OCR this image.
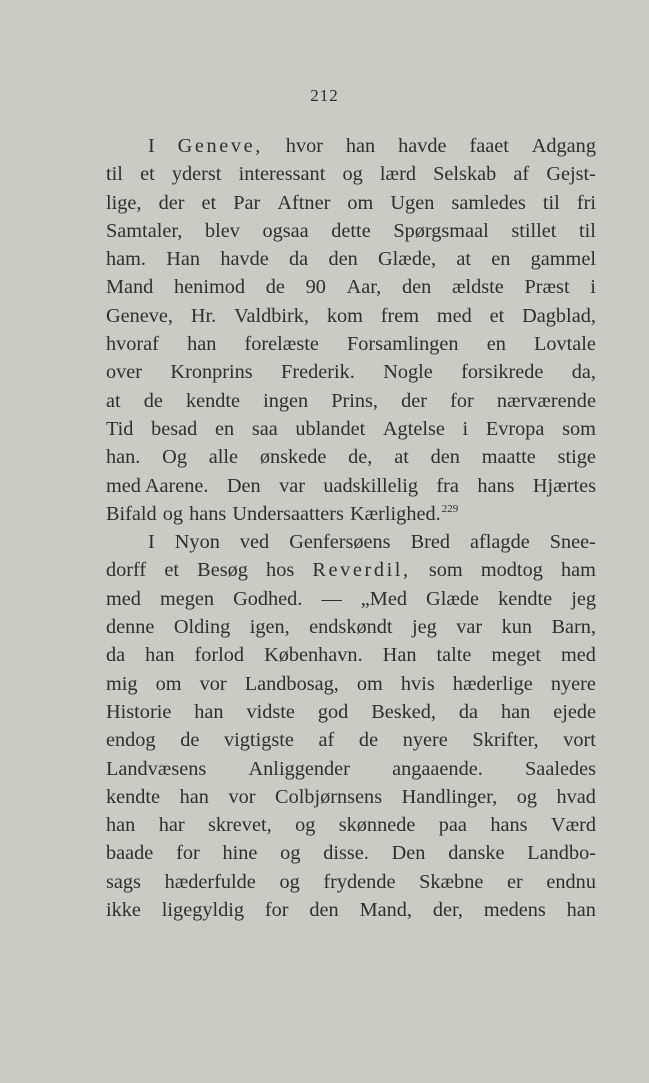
212
I Geneve, hvor han havde faaet Adgang
til et yderst interessant og lærd Selskab af Gejst-
lige, der et Par Aftner om Ugen samledes til fri
Samtaler, blev ogsaa dette Spørgsmaal stillet til
ham. Han havde da den Glæde, at en gammel
Mand henimod de 90 Aar, den ældste Præst i
Geneve, Hr. Valdbirk, kom frem med et Dagblad,
hvoraf han forelæste Forsamlingen en Lovtale
over Kronprins Frederik. Nogle forsikrede da,
at de kendte ingen Prins, der for nærværende
Tid besad en saa ublandet Agtelse i Evropa som
han. Og alle ønskede de, at den maatte stige
med Aarene. Den var uadskillelig fra hans Hjærtes
Bifald og hans Undersaatters Kærlighed.$^{229}$
I Nyon ved Genfersøens Bred aflagde Snee-
dorff et Besøg hos Reverdil, som modtog ham
med megen Godhed. — „Med Glæde kendte jeg
denne Olding igen, endskøndt jeg var kun Barn,
da han forlod København. Han talte meget med
mig om vor Landbosag, om hvis hæderlige nyere
Historie han vidste god Besked, da han ejede
endog de vigtigste af de nyere Skrifter, vort
Landvæsens Anliggender angaaende. Saaledes
kendte han vor Colbjørnsens Handlinger, og hvad
han har skrevet, og skønnede paa hans Værd
baade for hine og disse. Den danske Landbo-
sags hæderfulde og frydende Skæbne er endnu
ikke ligegyldig for den Mand, der, medens han
